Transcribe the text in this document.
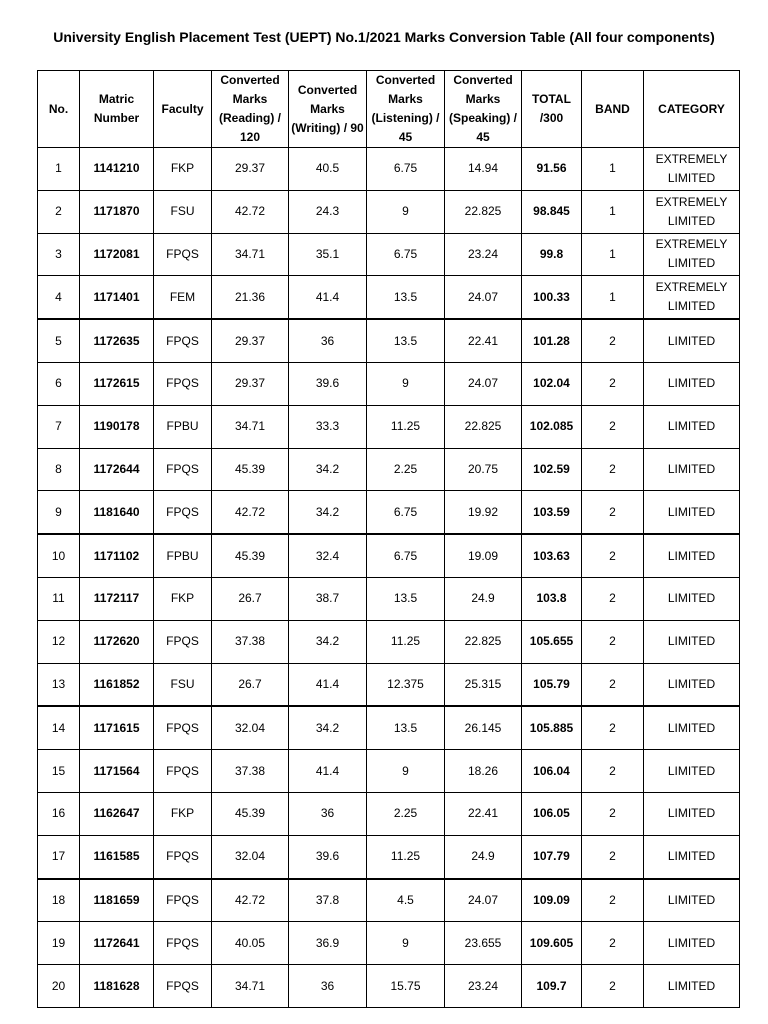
University English Placement Test (UEPT) No.1/2021 Marks Conversion Table (All four components)
No.	Matric Number	Faculty	Converted Marks (Reading) / 120	Converted Marks (Writing) / 90	Converted Marks (Listening) / 45	Converted Marks (Speaking) / 45	TOTAL /300	BAND	CATEGORY
1	1141210	FKP	29.37	40.5	6.75	14.94	91.56	1	EXTREMELY LIMITED
2	1171870	FSU	42.72	24.3	9	22.825	98.845	1	EXTREMELY LIMITED
3	1172081	FPQS	34.71	35.1	6.75	23.24	99.8	1	EXTREMELY LIMITED
4	1171401	FEM	21.36	41.4	13.5	24.07	100.33	1	EXTREMELY LIMITED
5	1172635	FPQS	29.37	36	13.5	22.41	101.28	2	LIMITED
6	1172615	FPQS	29.37	39.6	9	24.07	102.04	2	LIMITED
7	1190178	FPBU	34.71	33.3	11.25	22.825	102.085	2	LIMITED
8	1172644	FPQS	45.39	34.2	2.25	20.75	102.59	2	LIMITED
9	1181640	FPQS	42.72	34.2	6.75	19.92	103.59	2	LIMITED
10	1171102	FPBU	45.39	32.4	6.75	19.09	103.63	2	LIMITED
11	1172117	FKP	26.7	38.7	13.5	24.9	103.8	2	LIMITED
12	1172620	FPQS	37.38	34.2	11.25	22.825	105.655	2	LIMITED
13	1161852	FSU	26.7	41.4	12.375	25.315	105.79	2	LIMITED
14	1171615	FPQS	32.04	34.2	13.5	26.145	105.885	2	LIMITED
15	1171564	FPQS	37.38	41.4	9	18.26	106.04	2	LIMITED
16	1162647	FKP	45.39	36	2.25	22.41	106.05	2	LIMITED
17	1161585	FPQS	32.04	39.6	11.25	24.9	107.79	2	LIMITED
18	1181659	FPQS	42.72	37.8	4.5	24.07	109.09	2	LIMITED
19	1172641	FPQS	40.05	36.9	9	23.655	109.605	2	LIMITED
20	1181628	FPQS	34.71	36	15.75	23.24	109.7	2	LIMITED
